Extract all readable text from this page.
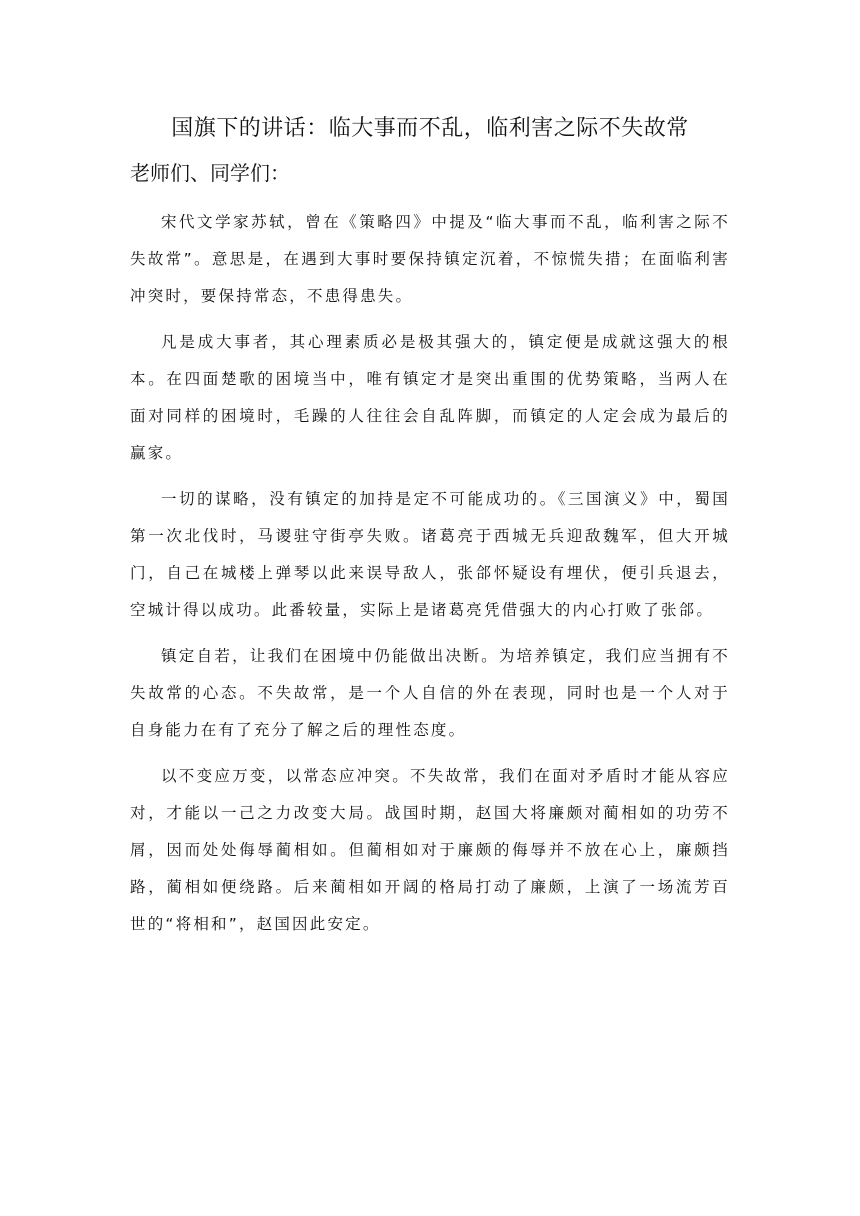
国旗下的讲话：临大事而不乱，临利害之际不失故常

老师们、同学们：

宋代文学家苏轼，曾在《策略四》中提及“临大事而不乱，临利害之际不失故常”。意思是，在遇到大事时要保持镇定沉着，不惊慌失措；在面临利害冲突时，要保持常态，不患得患失。

凡是成大事者，其心理素质必是极其强大的，镇定便是成就这强大的根本。在四面楚歌的困境当中，唯有镇定才是突出重围的优势策略，当两人在面对同样的困境时，毛躁的人往往会自乱阵脚，而镇定的人定会成为最后的赢家。

一切的谋略，没有镇定的加持是定不可能成功的。《三国演义》中，蜀国第一次北伐时，马谡驻守街亭失败。诸葛亮于西城无兵迎敌魏军，但大开城门，自己在城楼上弹琴以此来误导敌人，张郃怀疑设有埋伏，便引兵退去，空城计得以成功。此番较量，实际上是诸葛亮凭借强大的内心打败了张郃。

镇定自若，让我们在困境中仍能做出决断。为培养镇定，我们应当拥有不失故常的心态。不失故常，是一个人自信的外在表现，同时也是一个人对于自身能力在有了充分了解之后的理性态度。

以不变应万变，以常态应冲突。不失故常，我们在面对矛盾时才能从容应对，才能以一己之力改变大局。战国时期，赵国大将廉颇对蔺相如的功劳不屑，因而处处侮辱蔺相如。但蔺相如对于廉颇的侮辱并不放在心上，廉颇挡路，蔺相如便绕路。后来蔺相如开阔的格局打动了廉颇，上演了一场流芳百世的“将相和”，赵国因此安定。
